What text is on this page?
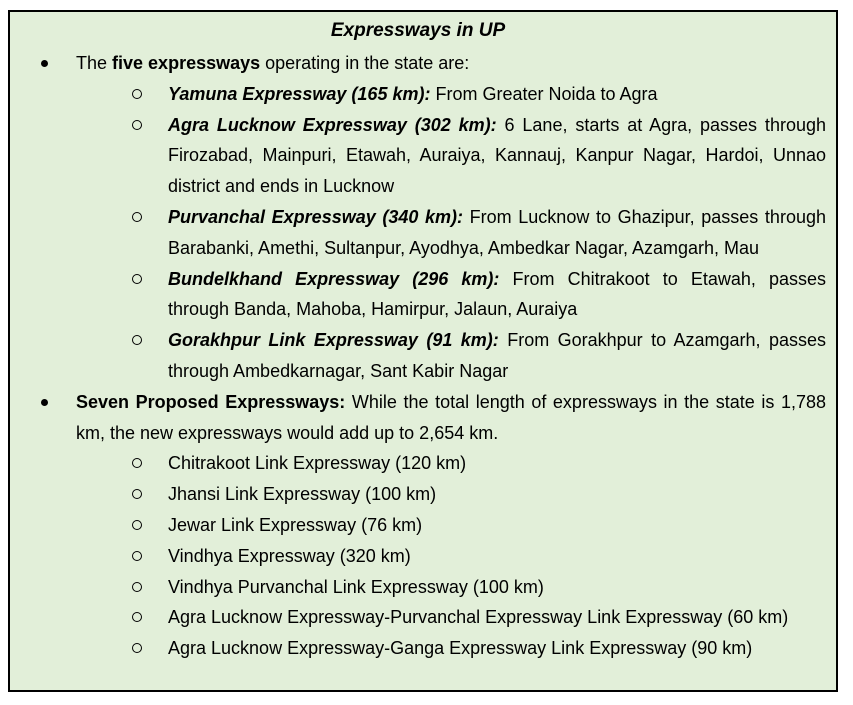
Expressways in UP
The five expressways operating in the state are:
Yamuna Expressway (165 km): From Greater Noida to Agra
Agra Lucknow Expressway (302 km): 6 Lane, starts at Agra, passes through Firozabad, Mainpuri, Etawah, Auraiya, Kannauj, Kanpur Nagar, Hardoi, Unnao district and ends in Lucknow
Purvanchal Expressway (340 km): From Lucknow to Ghazipur, passes through Barabanki, Amethi, Sultanpur, Ayodhya, Ambedkar Nagar, Azamgarh, Mau
Bundelkhand Expressway (296 km): From Chitrakoot to Etawah, passes through Banda, Mahoba, Hamirpur, Jalaun, Auraiya
Gorakhpur Link Expressway (91 km): From Gorakhpur to Azamgarh, passes through Ambedkarnagar, Sant Kabir Nagar
Seven Proposed Expressways: While the total length of expressways in the state is 1,788 km, the new expressways would add up to 2,654 km.
Chitrakoot Link Expressway (120 km)
Jhansi Link Expressway (100 km)
Jewar Link Expressway (76 km)
Vindhya Expressway (320 km)
Vindhya Purvanchal Link Expressway (100 km)
Agra Lucknow Expressway-Purvanchal Expressway Link Expressway (60 km)
Agra Lucknow Expressway-Ganga Expressway Link Expressway (90 km)
